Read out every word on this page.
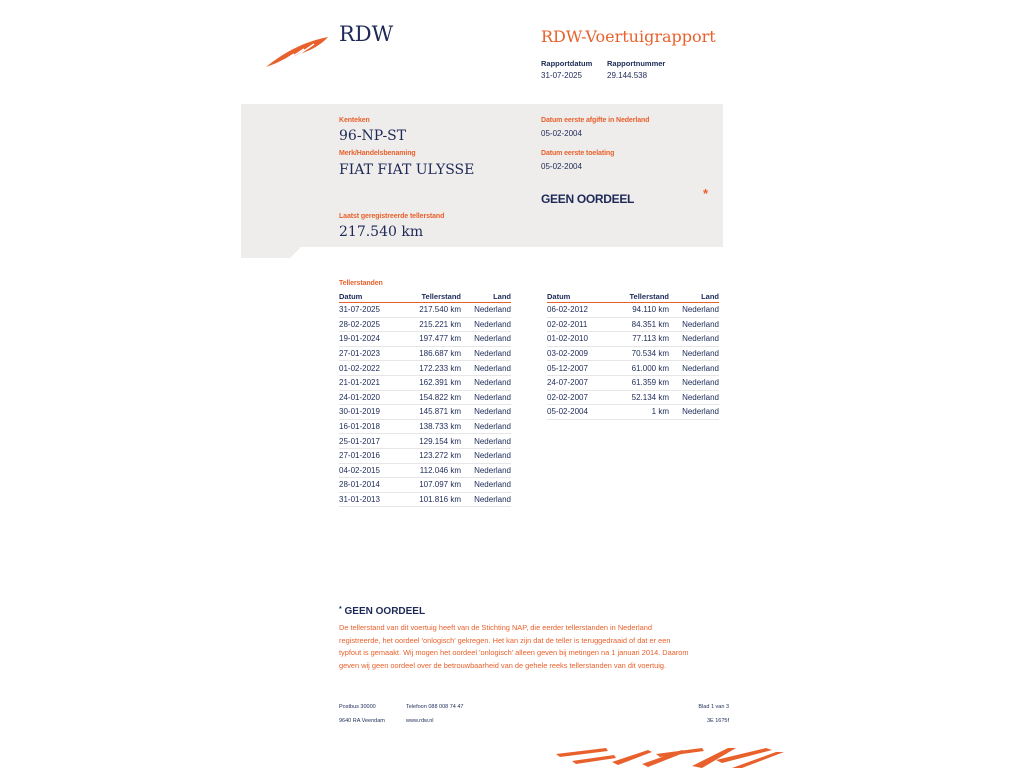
RDW	RDW-Voertuigrapport
Rapportdatum
31-07-2025
Rapportnummer
29.144.538
Kenteken
96-NP-ST
Merk/Handelsbenaming
FIAT FIAT ULYSSE
Laatst geregistreerde tellerstand
217.540 km
Datum eerste afgifte in Nederland
05-02-2004
Datum eerste toelating
05-02-2004
GEEN OORDEEL	*
Tellerstanden
Datum	Tellerstand	Land
31-07-2025	217.540 km	Nederland
28-02-2025	215.221 km	Nederland
19-01-2024	197.477 km	Nederland
27-01-2023	186.687 km	Nederland
01-02-2022	172.233 km	Nederland
21-01-2021	162.391 km	Nederland
24-01-2020	154.822 km	Nederland
30-01-2019	145.871 km	Nederland
16-01-2018	138.733 km	Nederland
25-01-2017	129.154 km	Nederland
27-01-2016	123.272 km	Nederland
04-02-2015	112.046 km	Nederland
28-01-2014	107.097 km	Nederland
31-01-2013	101.816 km	Nederland
Datum	Tellerstand	Land
06-02-2012	94.110 km	Nederland
02-02-2011	84.351 km	Nederland
01-02-2010	77.113 km	Nederland
03-02-2009	70.534 km	Nederland
05-12-2007	61.000 km	Nederland
24-07-2007	61.359 km	Nederland
02-02-2007	52.134 km	Nederland
05-02-2004	1 km	Nederland
* GEEN OORDEEL
De tellerstand van dit voertuig heeft van de Stichting NAP, die eerder tellerstanden in Nederland
registreerde, het oordeel 'onlogisch' gekregen. Het kan zijn dat de teller is teruggedraaid of dat er een
typfout is gemaakt. Wij mogen het oordeel 'onlogisch' alleen geven bij metingen na 1 januari 2014. Daarom
geven wij geen oordeel over de betrouwbaarheid van de gehele reeks tellerstanden van dit voertuig.
Postbus 30000
9640 RA Veendam
Telefoon 088 008 74 47
www.rdw.nl
Blad 1 van 3
3E 16?5f
